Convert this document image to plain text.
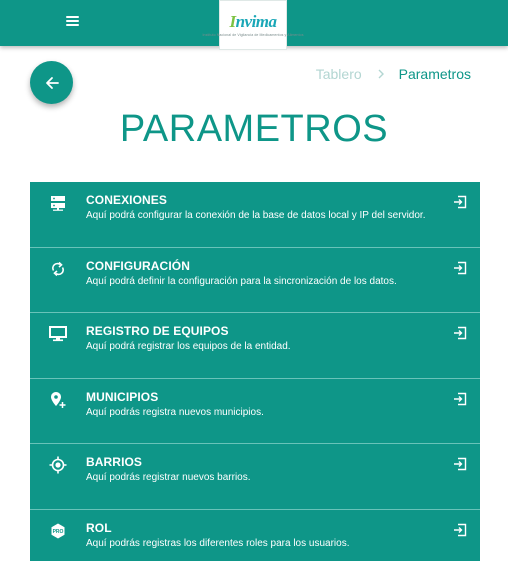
Invima
Instituto Nacional de Vigilancia de Medicamentos y Alimentos
Tablero	Parametros
PARAMETROS
CONEXIONES
Aquí podrá configurar la conexión de la base de datos local y IP del servidor.
CONFIGURACIÓN
Aquí podrá definir la configuración para la sincronización de los datos.
REGISTRO DE EQUIPOS
Aquí podrá registrar los equipos de la entidad.
MUNICIPIOS
Aquí podrás registra nuevos municipios.
BARRIOS
Aquí podrás registrar nuevos barrios.
PRO ROL
Aquí podrás registras los diferentes roles para los usuarios.
